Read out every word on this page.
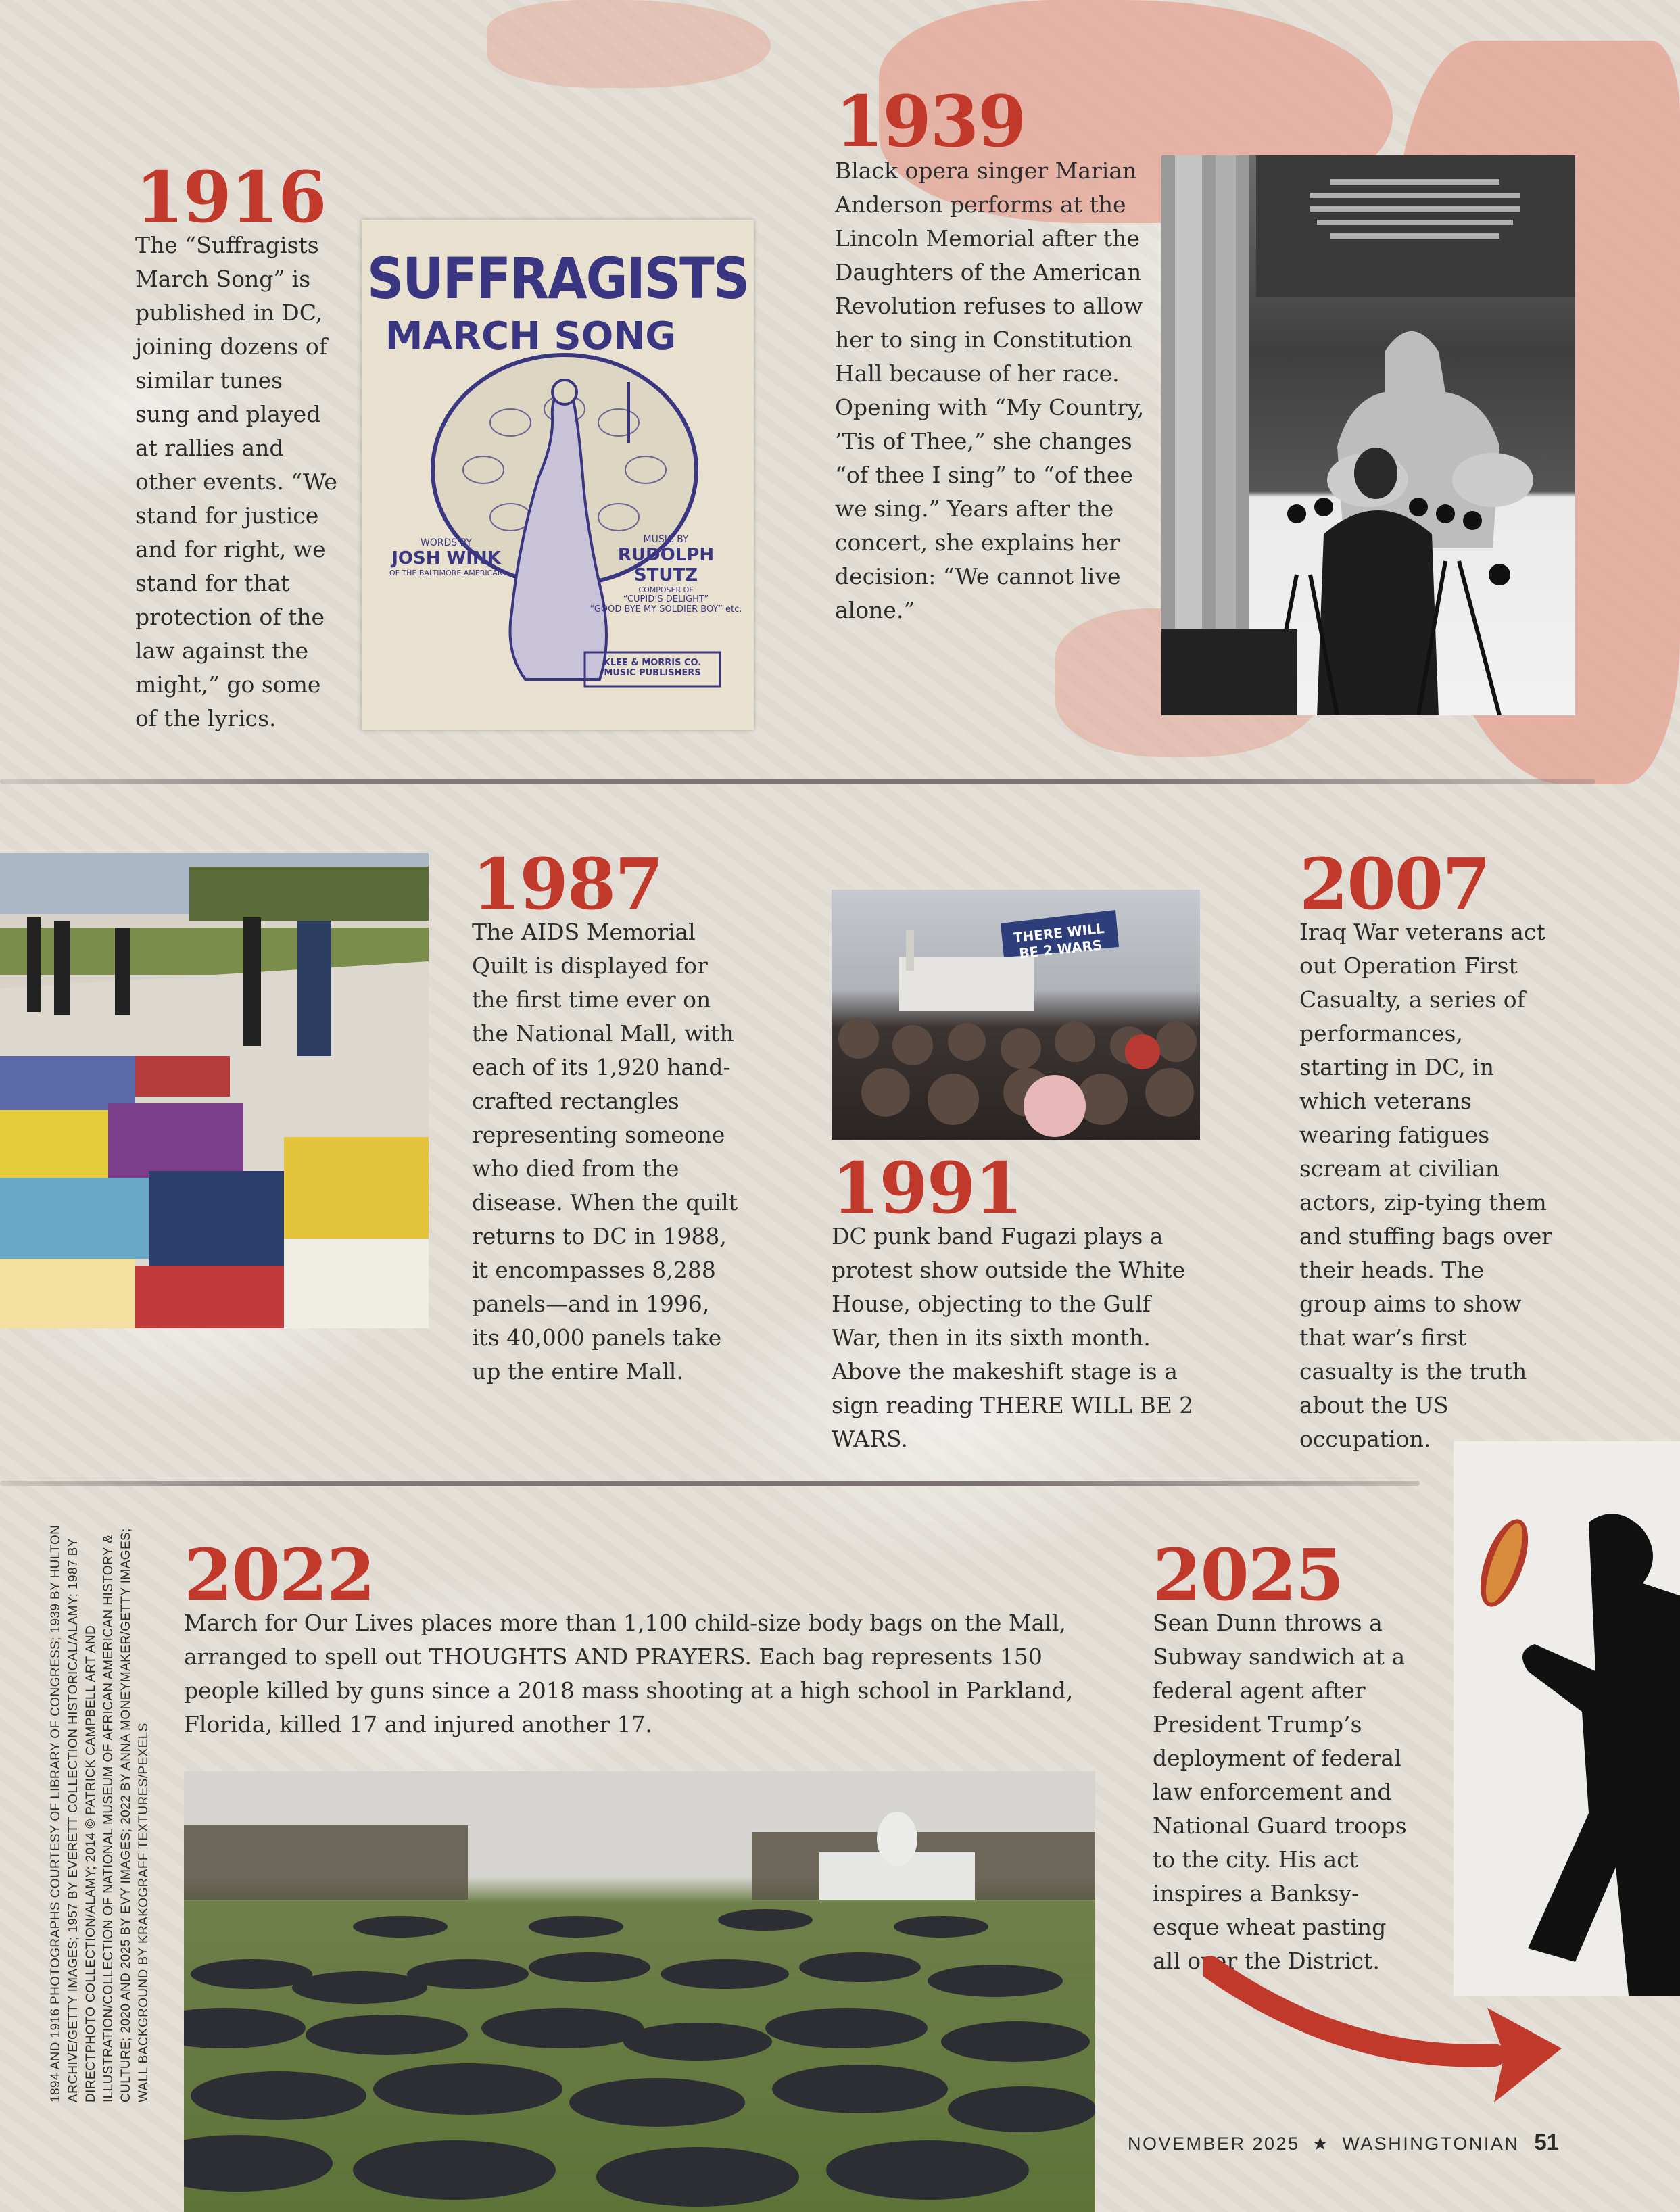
1916
The “Suffragists March Song” is published in DC, joining dozens of similar tunes sung and played at rallies and other events. “We stand for justice and for right, we stand for that protection of the law against the might,” go some of the lyrics.
SUFFRAGISTS
MARCH SONG
WORDS BY
JOSH WINK
OF THE BALTIMORE AMERICAN
MUSIC BY
RUDOLPH STUTZ
COMPOSER OF
“CUPID’S DELIGHT”
“GOOD BYE MY SOLDIER BOY” etc.
KLEE & MORRIS CO. MUSIC PUBLISHERS
1939
Black opera singer Marian Anderson performs at the Lincoln Memorial after the Daughters of the American Revolution refuses to allow her to sing in Constitution Hall because of her race. Opening with “My Country, ’Tis of Thee,” she changes “of thee I sing” to “of thee we sing.” Years after the concert, she explains her decision: “We cannot live alone.”
1987
The AIDS Memorial Quilt is displayed for the first time ever on the National Mall, with each of its 1,920 hand-crafted rectangles representing someone who died from the disease. When the quilt returns to DC in 1988, it encompasses 8,288 panels—and in 1996, its 40,000 panels take up the entire Mall.
THERE WILL BE 2 WARS
1991
DC punk band Fugazi plays a protest show outside the White House, objecting to the Gulf War, then in its sixth month. Above the makeshift stage is a sign reading THERE WILL BE 2 WARS.
2007
Iraq War veterans act out Operation First Casualty, a series of performances, starting in DC, in which veterans wearing fatigues scream at civilian actors, zip-tying them and stuffing bags over their heads. The group aims to show that war’s first casualty is the truth about the US occupation.
2022
March for Our Lives places more than 1,100 child-size body bags on the Mall, arranged to spell out THOUGHTS AND PRAYERS. Each bag represents 150 people killed by guns since a 2018 mass shooting at a high school in Parkland, Florida, killed 17 and injured another 17.
2025
Sean Dunn throws a Subway sandwich at a federal agent after President Trump’s deployment of federal law enforcement and National Guard troops to the city. His act inspires a Banksy-esque wheat pasting all over the District.
1894 AND 1916 PHOTOGRAPHS COURTESY OF LIBRARY OF CONGRESS; 1939 BY HULTON ARCHIVE/GETTY IMAGES; 1957 BY EVERETT COLLECTION HISTORICAL/ALAMY; 1987 BY DIRECTPHOTO COLLECTION/ALAMY; 2014 © PATRICK CAMPBELL ART AND ILLUSTRATION/COLLECTION OF NATIONAL MUSEUM OF AFRICAN AMERICAN HISTORY & CULTURE; 2020 AND 2025 BY EVY IMAGES; 2022 BY ANNA MONEYMAKER/GETTY IMAGES; WALL BACKGROUND BY KRAKOGRAFF TEXTURES/PEXELS
NOVEMBER 2025 ★ WASHINGTONIAN 51
